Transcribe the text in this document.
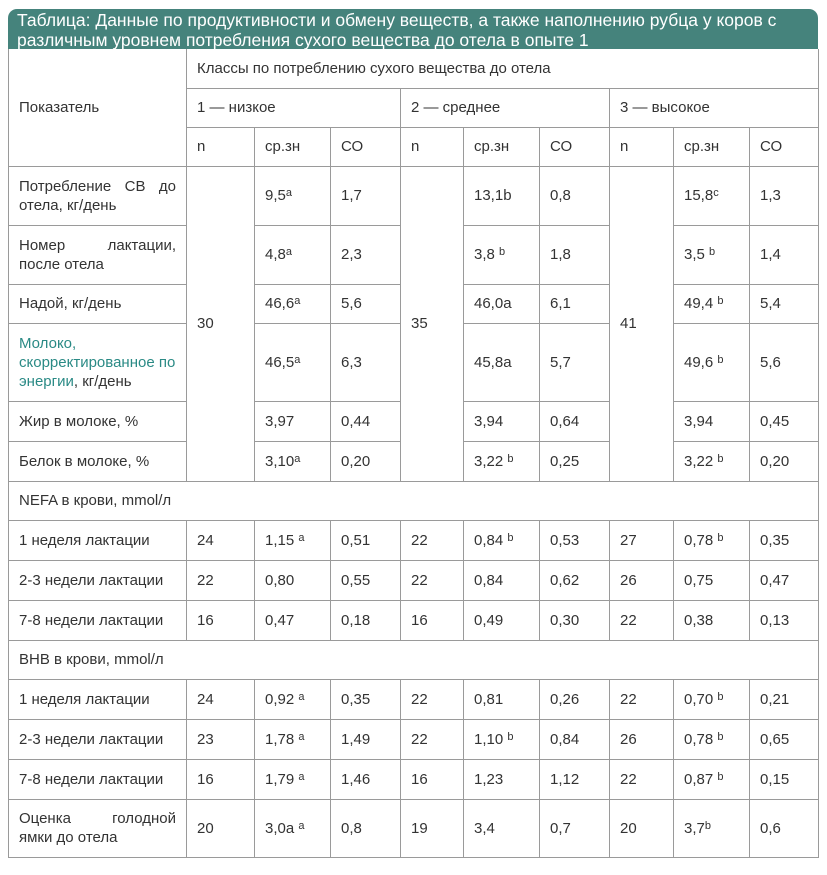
Таблица: Данные по продуктивности и обмену веществ, а также наполнению рубца у коров с различным уровнем потребления сухого вещества до отела в опыте 1
Показатель	Классы по потреблению сухого вещества до отела								
	1 — низкое			2 — среднее			3 — высокое		
	n	ср.зн	СО	n	ср.зн	СО	n	ср.зн	СО
Потребление СВ до отела, кг/день	30	9,5$^a$	1,7	35	13,1b	0,8	41	15,8$^c$	1,3
Номер лактации, после отела		4,8$^a$	2,3		3,8 $^b$	1,8		3,5 $^b$	1,4
Надой, кг/день		46,6$^a$	5,6		46,0a	6,1		49,4 $^b$	5,4
Молоко, скорректированное по энергии, кг/день		46,5$^a$	6,3		45,8a	5,7		49,6 $^b$	5,6
Жир в молоке, %		3,97	0,44		3,94	0,64		3,94	0,45
Белок в молоке, %		3,10$^a$	0,20		3,22 $^b$	0,25		3,22 $^b$	0,20
NEFA в крови, mmol/л									
1 неделя лактации	24	1,15 $^a$	0,51	22	0,84 $^b$	0,53	27	0,78 $^b$	0,35
2-3 недели лактации	22	0,80	0,55	22	0,84	0,62	26	0,75	0,47
7-8 недели лактации	16	0,47	0,18	16	0,49	0,30	22	0,38	0,13
BHB в крови, mmol/л									
1 неделя лактации	24	0,92 $^a$	0,35	22	0,81	0,26	22	0,70 $^b$	0,21
2-3 недели лактации	23	1,78 $^a$	1,49	22	1,10 $^b$	0,84	26	0,78 $^b$	0,65
7-8 недели лактации	16	1,79 $^a$	1,46	16	1,23	1,12	22	0,87 $^b$	0,15
Оценка голодной ямки до отела	20	3,0a $^a$	0,8	19	3,4	0,7	20	3,7$^b$	0,6
